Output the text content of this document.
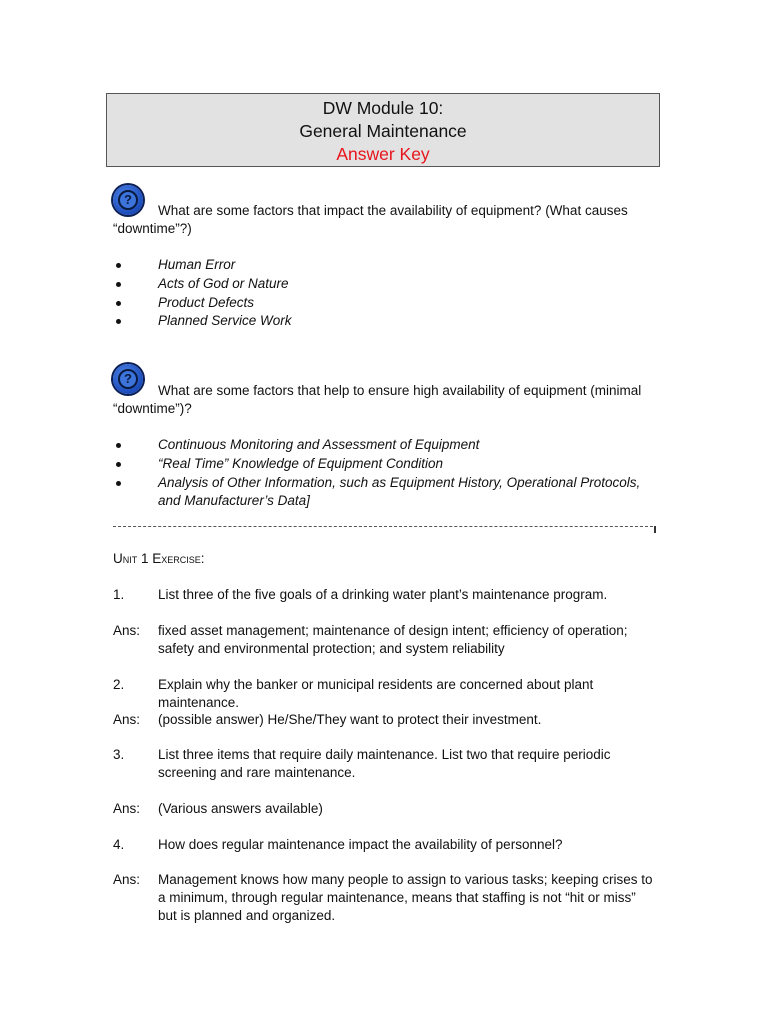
DW Module 10:
General Maintenance
Answer Key
?
What are some factors that impact the availability of equipment? (What causes “downtime”?)
Human Error
Acts of God or Nature
Product Defects
Planned Service Work
?
What are some factors that help to ensure high availability of equipment (minimal “downtime”)?
Continuous Monitoring and Assessment of Equipment
“Real Time” Knowledge of Equipment Condition
Analysis of Other Information, such as Equipment History, Operational Protocols, and Manufacturer’s Data]
Unit 1 Exercise:
1. List three of the five goals of a drinking water plant’s maintenance program.
Ans: fixed asset management; maintenance of design intent; efficiency of operation; safety and environmental protection; and system reliability
2. Explain why the banker or municipal residents are concerned about plant maintenance.
Ans: (possible answer) He/She/They want to protect their investment.
3. List three items that require daily maintenance. List two that require periodic screening and rare maintenance.
Ans: (Various answers available)
4. How does regular maintenance impact the availability of personnel?
Ans: Management knows how many people to assign to various tasks; keeping crises to a minimum, through regular maintenance, means that staffing is not “hit or miss” but is planned and organized.
